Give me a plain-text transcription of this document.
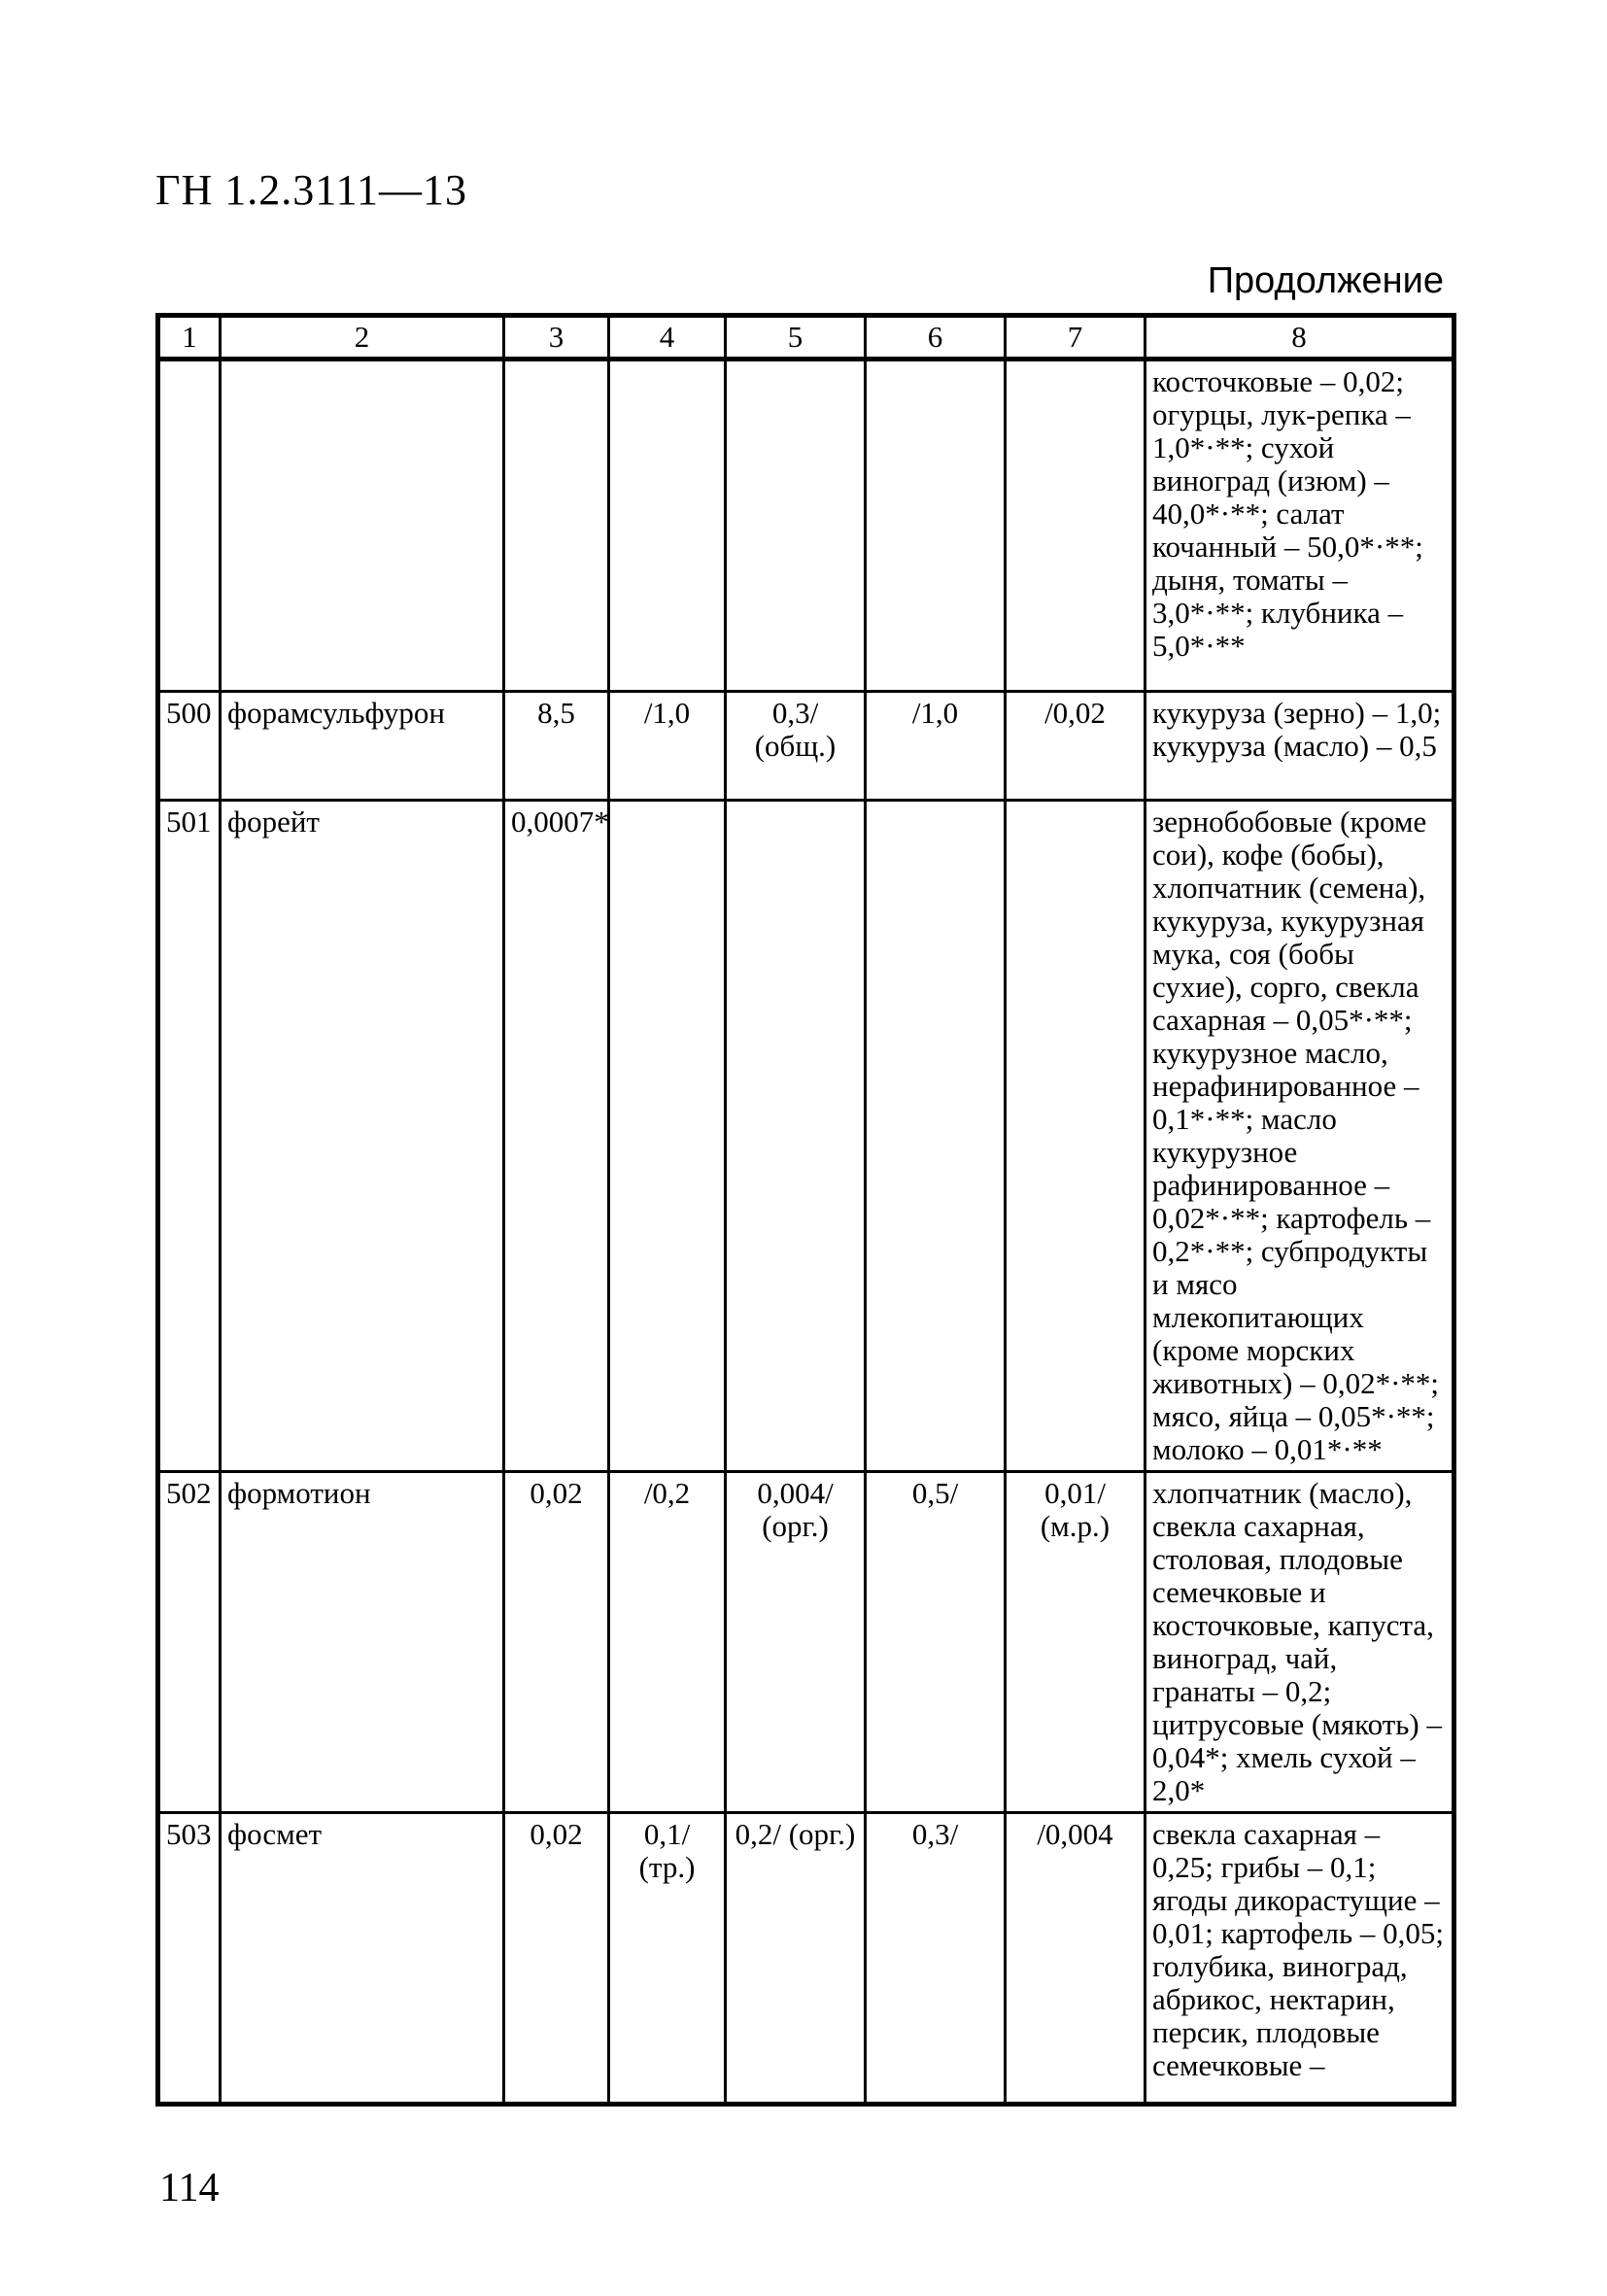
ГН 1.2.3111—13
Продолжение
1	2	3	4	5	6	7	8
							косточковые – 0,02; огурцы, лук-репка –1,0*·**; сухой виноград (изюм) – 40,0*·**; салат кочанный – 50,0*·**; дыня, томаты – 3,0*·**; клубника – 5,0*·**
500	форамсульфурон	8,5	/1,0	0,3/ (общ.)	/1,0	/0,02	кукуруза (зерно) – 1,0; кукуруза (масло) – 0,5
501	форейт	0,0007*					зернобобовые (кроме сои), кофе (бобы), хлопчатник (семена), кукуруза, кукурузная мука, соя (бобы сухие), сорго, свекла сахарная – 0,05*·**; кукурузное масло, нерафинированное – 0,1*·**; масло кукурузное рафинированное – 0,02*·**; картофель – 0,2*·**; субпродукты и мясо млекопитающих (кроме морских животных) – 0,02*·**; мясо, яйца – 0,05*·**; молоко – 0,01*·**
502	формотион	0,02	/0,2	0,004/ (орг.)	0,5/	0,01/ (м.р.)	хлопчатник (масло), свекла сахарная, столовая, плодовые семечковые и косточковые, капуста, виноград, чай, гранаты – 0,2; цитрусовые (мякоть) – 0,04*; хмель сухой – 2,0*
503	фосмет	0,02	0,1/ (тр.)	0,2/ (орг.)	0,3/	/0,004	свекла сахарная – 0,25; грибы – 0,1; ягоды дикорастущие – 0,01; картофель – 0,05; голубика, виноград, абрикос, нектарин, персик, плодовые семечковые –
114
